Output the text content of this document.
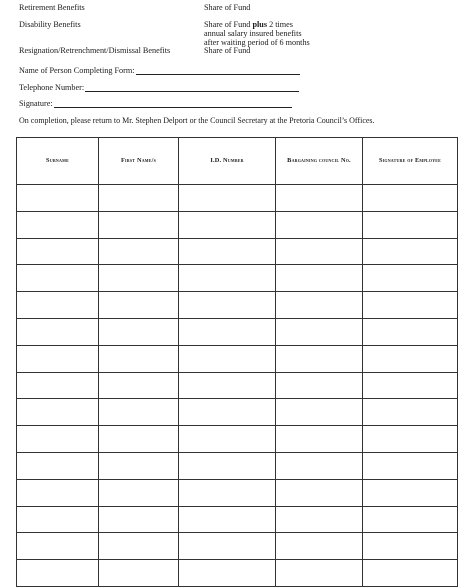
Retirement Benefits	Share of Fund
Disability Benefits	Share of Fund plus 2 times
annual salary insured benefits
after waiting period of 6 months
Resignation/Retrenchment/Dismissal Benefits	Share of Fund
Name of Person Completing Form:
Telephone Number:
Signature:
On completion, please return to Mr. Stephen Delport or the Council Secretary at the Pretoria Council’s Offices.
Surname	First Name/s	I.D. Number	Bargaining council No.	Signature of Employee
